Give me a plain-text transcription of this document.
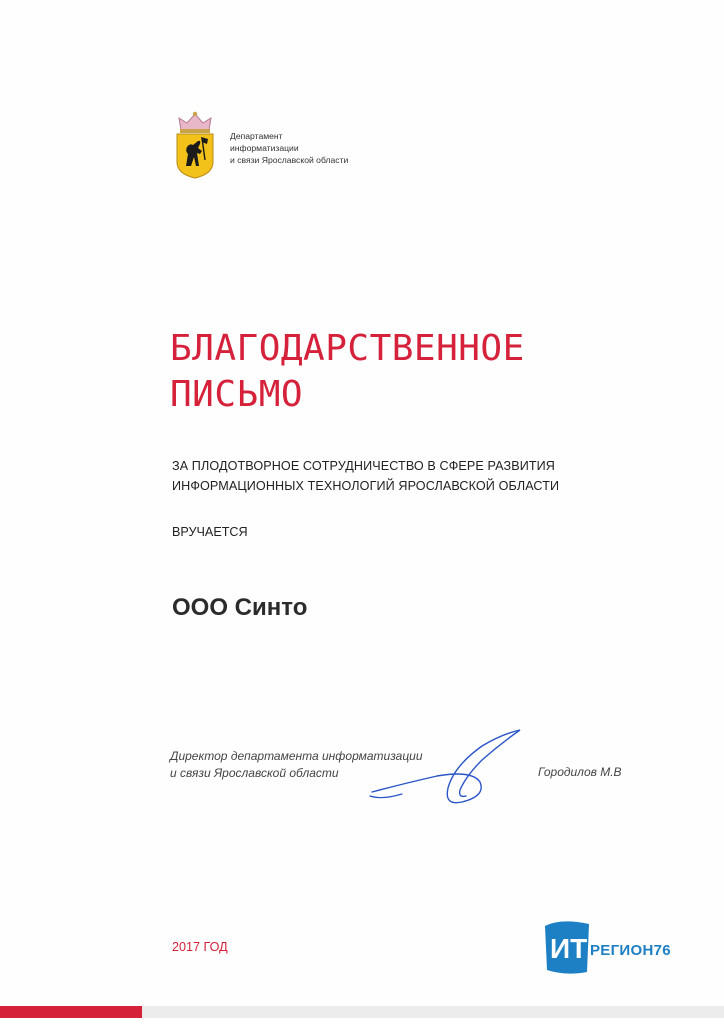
Департамент
информатизации
и связи Ярославской области
БЛАГОДАРСТВЕННОЕ
ПИСЬМО
ЗА ПЛОДОТВОРНОЕ СОТРУДНИЧЕСТВО В СФЕРЕ РАЗВИТИЯ
ИНФОРМАЦИОННЫХ ТЕХНОЛОГИЙ ЯРОСЛАВСКОЙ ОБЛАСТИ
ВРУЧАЕТСЯ
ООО Синто
Директор департамента информатизации
и связи Ярославской области	Городилов М.В
2017 ГОД	ИТ РЕГИОН76
